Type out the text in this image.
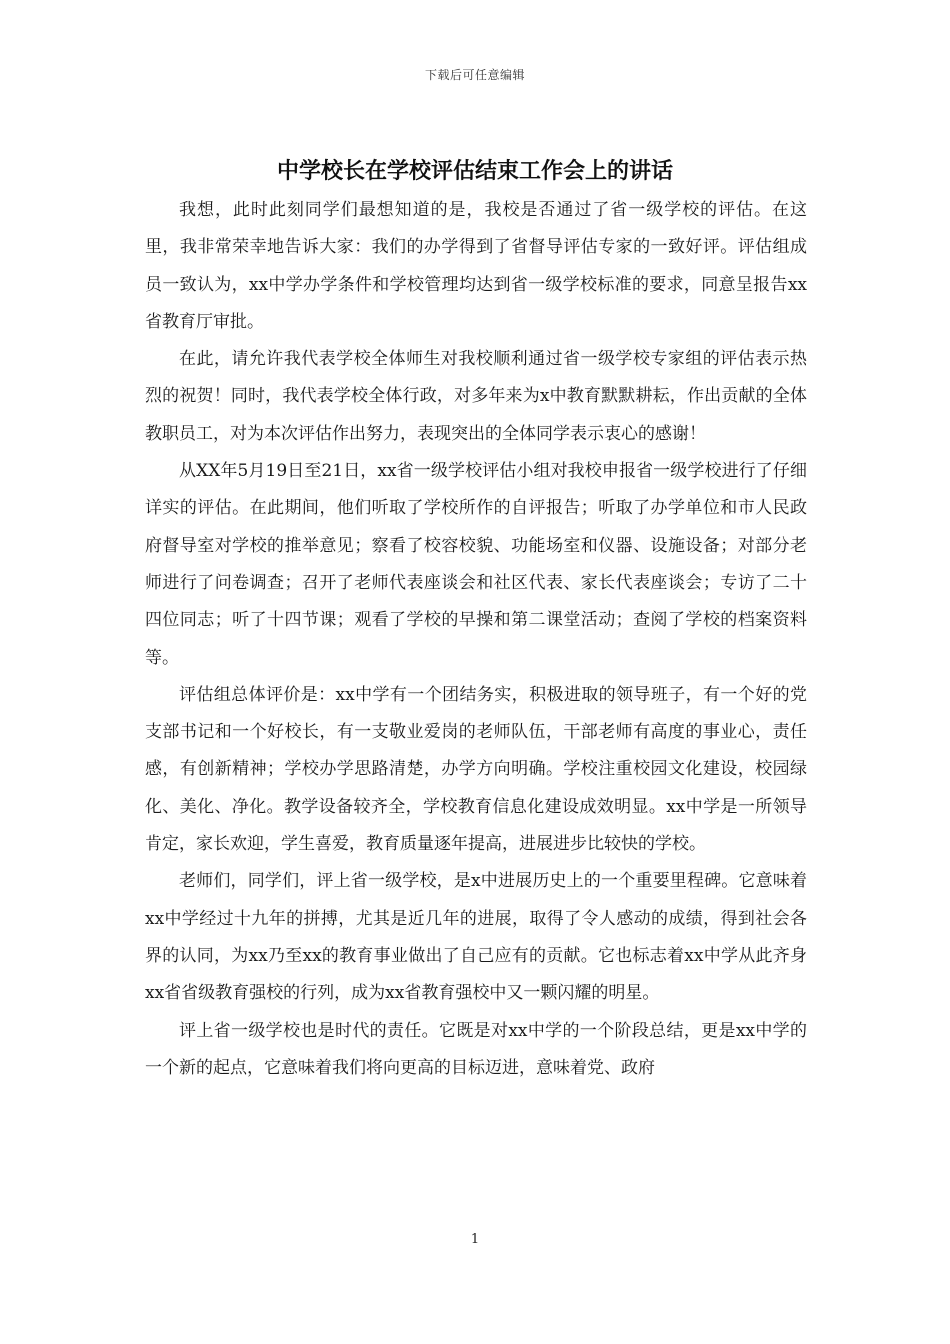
下载后可任意编辑
中学校长在学校评估结束工作会上的讲话

我想，此时此刻同学们最想知道的是，我校是否通过了省一级学校的评估。在这里，我非常荣幸地告诉大家：我们的办学得到了省督导评估专家的一致好评。评估组成员一致认为，xx中学办学条件和学校管理均达到省一级学校标准的要求，同意呈报告xx省教育厅审批。

在此，请允许我代表学校全体师生对我校顺利通过省一级学校专家组的评估表示热烈的祝贺！同时，我代表学校全体行政，对多年来为x中教育默默耕耘，作出贡献的全体教职员工，对为本次评估作出努力，表现突出的全体同学表示衷心的感谢！

从XX年5月19日至21日，xx省一级学校评估小组对我校申报省一级学校进行了仔细详实的评估。在此期间，他们听取了学校所作的自评报告；听取了办学单位和市人民政府督导室对学校的推举意见；察看了校容校貌、功能场室和仪器、设施设备；对部分老师进行了问卷调查；召开了老师代表座谈会和社区代表、家长代表座谈会；专访了二十四位同志；听了十四节课；观看了学校的早操和第二课堂活动；查阅了学校的档案资料等。

评估组总体评价是：xx中学有一个团结务实，积极进取的领导班子，有一个好的党支部书记和一个好校长，有一支敬业爱岗的老师队伍，干部老师有高度的事业心，责任感，有创新精神；学校办学思路清楚，办学方向明确。学校注重校园文化建设，校园绿化、美化、净化。教学设备较齐全，学校教育信息化建设成效明显。xx中学是一所领导肯定，家长欢迎，学生喜爱，教育质量逐年提高，进展进步比较快的学校。

老师们，同学们，评上省一级学校，是x中进展历史上的一个重要里程碑。它意味着xx中学经过十九年的拼搏，尤其是近几年的进展，取得了令人感动的成绩，得到社会各界的认同，为xx乃至xx的教育事业做出了自己应有的贡献。它也标志着xx中学从此齐身xx省省级教育强校的行列，成为xx省教育强校中又一颗闪耀的明星。

评上省一级学校也是时代的责任。它既是对xx中学的一个阶段总结，更是xx中学的一个新的起点，它意味着我们将向更高的目标迈进，意味着党、政府

1
